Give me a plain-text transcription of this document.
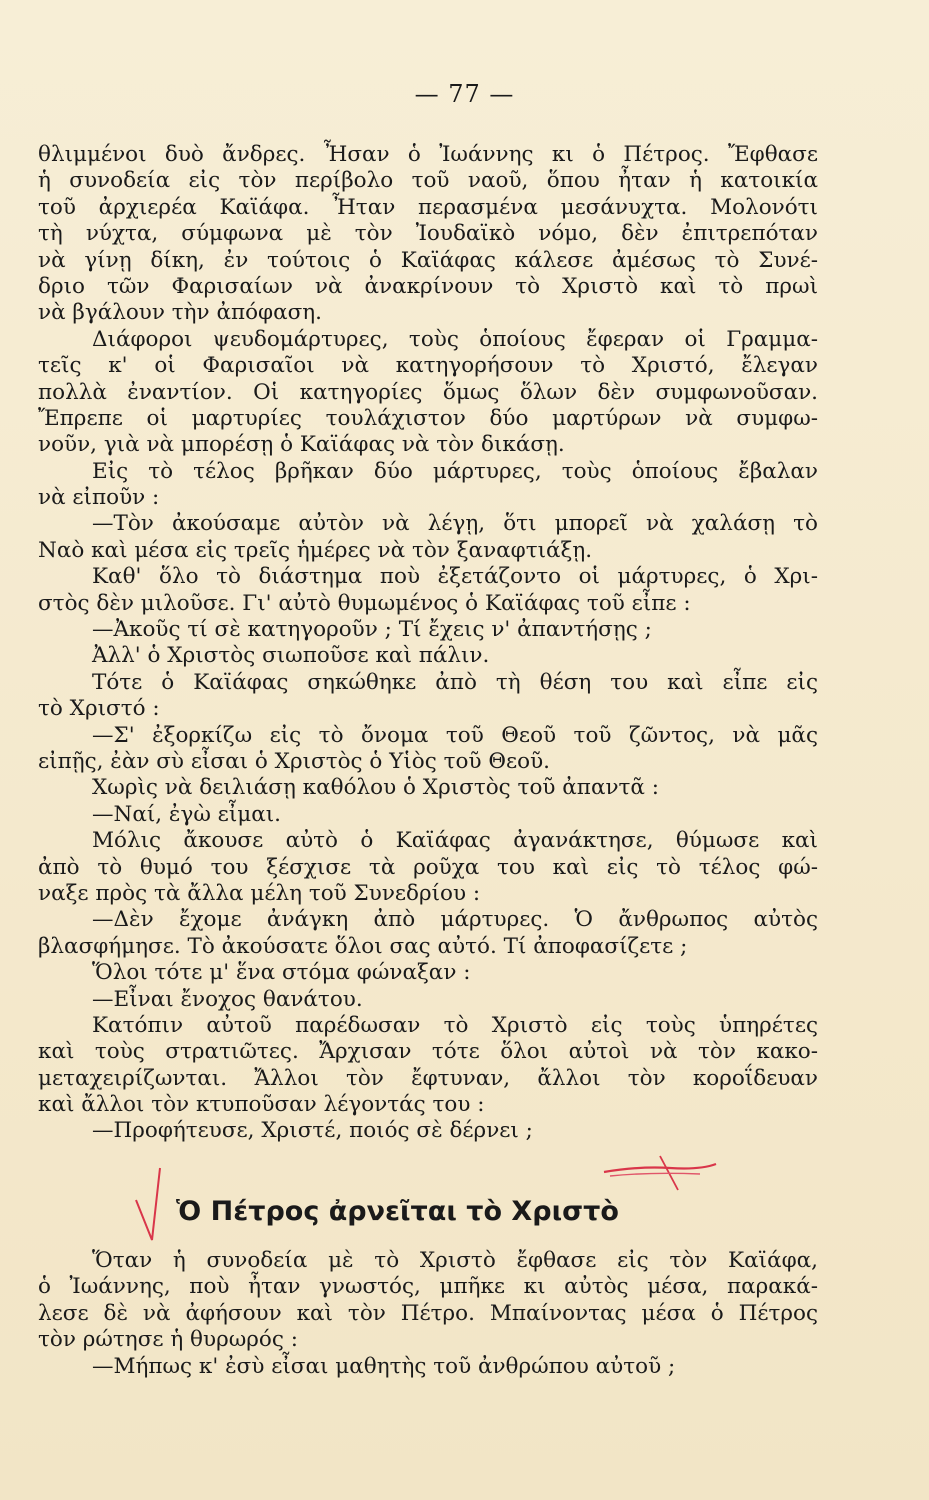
— 77 —
θλιμμένοι δυὸ ἄνδρες. Ἦσαν ὁ Ἰωάννης κι ὁ Πέτρος. Ἔφθασε
ἡ συνοδεία εἰς τὸν περίβολο τοῦ ναοῦ, ὅπου ἦταν ἡ κατοικία
τοῦ ἀρχιερέα Καϊάφα. Ἦταν περασμένα μεσάνυχτα. Μολονότι
τὴ νύχτα, σύμφωνα μὲ τὸν Ἰουδαϊκὸ νόμο, δὲν ἐπιτρεπόταν
νὰ γίνῃ δίκη, ἐν τούτοις ὁ Καϊάφας κάλεσε ἀμέσως τὸ Συνέ-
δριο τῶν Φαρισαίων νὰ ἀνακρίνουν τὸ Χριστὸ καὶ τὸ πρωὶ
νὰ βγάλουν τὴν ἀπόφαση.
Διάφοροι ψευδομάρτυρες, τοὺς ὁποίους ἔφεραν οἱ Γραμμα-
τεῖς κ' οἱ Φαρισαῖοι νὰ κατηγορήσουν τὸ Χριστό, ἔλεγαν
πολλὰ ἐναντίον. Οἱ κατηγορίες ὅμως ὅλων δὲν συμφωνοῦσαν.
Ἔπρεπε οἱ μαρτυρίες τουλάχιστον δύο μαρτύρων νὰ συμφω-
νοῦν, γιὰ νὰ μπορέσῃ ὁ Καϊάφας νὰ τὸν δικάσῃ.
Εἰς τὸ τέλος βρῆκαν δύο μάρτυρες, τοὺς ὁποίους ἔβαλαν
νὰ εἰποῦν :
—Τὸν ἀκούσαμε αὐτὸν νὰ λέγῃ, ὅτι μπορεῖ νὰ χαλάσῃ τὸ
Ναὸ καὶ μέσα εἰς τρεῖς ἡμέρες νὰ τὸν ξαναφτιάξῃ.
Καθ' ὅλο τὸ διάστημα ποὺ ἐξετάζοντο οἱ μάρτυρες, ὁ Χρι-
στὸς δὲν μιλοῦσε. Γι' αὐτὸ θυμωμένος ὁ Καϊάφας τοῦ εἶπε :
—Ἀκοῦς τί σὲ κατηγοροῦν ; Τί ἔχεις ν' ἀπαντήσῃς ;
Ἀλλ' ὁ Χριστὸς σιωποῦσε καὶ πάλιν.
Τότε ὁ Καϊάφας σηκώθηκε ἀπὸ τὴ θέση του καὶ εἶπε εἰς
τὸ Χριστό :
—Σ' ἐξορκίζω εἰς τὸ ὄνομα τοῦ Θεοῦ τοῦ ζῶντος, νὰ μᾶς
εἰπῇς, ἐὰν σὺ εἶσαι ὁ Χριστὸς ὁ Υἱὸς τοῦ Θεοῦ.
Χωρὶς νὰ δειλιάσῃ καθόλου ὁ Χριστὸς τοῦ ἀπαντᾶ :
—Ναί, ἐγὼ εἶμαι.
Μόλις ἄκουσε αὐτὸ ὁ Καϊάφας ἀγανάκτησε, θύμωσε καὶ
ἀπὸ τὸ θυμό του ξέσχισε τὰ ροῦχα του καὶ εἰς τὸ τέλος φώ-
ναξε πρὸς τὰ ἄλλα μέλη τοῦ Συνεδρίου :
—Δὲν ἔχομε ἀνάγκη ἀπὸ μάρτυρες. Ὁ ἄνθρωπος αὐτὸς
βλασφήμησε. Τὸ ἀκούσατε ὅλοι σας αὐτό. Τί ἀποφασίζετε ;
Ὅλοι τότε μ' ἕνα στόμα φώναξαν :
—Εἶναι ἔνοχος θανάτου.
Κατόπιν αὐτοῦ παρέδωσαν τὸ Χριστὸ εἰς τοὺς ὑπηρέτες
καὶ τοὺς στρατιῶτες. Ἄρχισαν τότε ὅλοι αὐτοὶ νὰ τὸν κακο-
μεταχειρίζωνται. Ἄλλοι τὸν ἔφτυναν, ἄλλοι τὸν κοροΐδευαν
καὶ ἄλλοι τὸν κτυποῦσαν λέγοντάς του :
—Προφήτευσε, Χριστέ, ποιός σὲ δέρνει ;
Ὁ Πέτρος ἀρνεῖται τὸ Χριστὸ
Ὅταν ἡ συνοδεία μὲ τὸ Χριστὸ ἔφθασε εἰς τὸν Καϊάφα,
ὁ Ἰωάννης, ποὺ ἦταν γνωστός, μπῆκε κι αὐτὸς μέσα, παρακά-
λεσε δὲ νὰ ἀφήσουν καὶ τὸν Πέτρο. Μπαίνοντας μέσα ὁ Πέτρος
τὸν ρώτησε ἡ θυρωρός :
—Μήπως κ' ἐσὺ εἶσαι μαθητὴς τοῦ ἀνθρώπου αὐτοῦ ;
